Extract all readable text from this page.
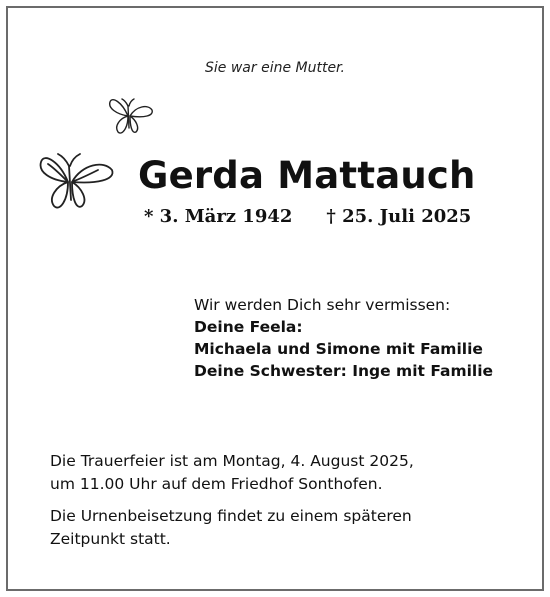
Sie war eine Mutter.
Gerda Mattauch
* 3. März 1942 † 25. Juli 2025
Wir werden Dich sehr vermissen:
Deine Feela:
Michaela und Simone mit Familie
Deine Schwester: Inge mit Familie

Die Trauerfeier ist am Montag, 4. August 2025,
um 11.00 Uhr auf dem Friedhof Sonthofen.

Die Urnenbeisetzung findet zu einem späteren
Zeitpunkt statt.
